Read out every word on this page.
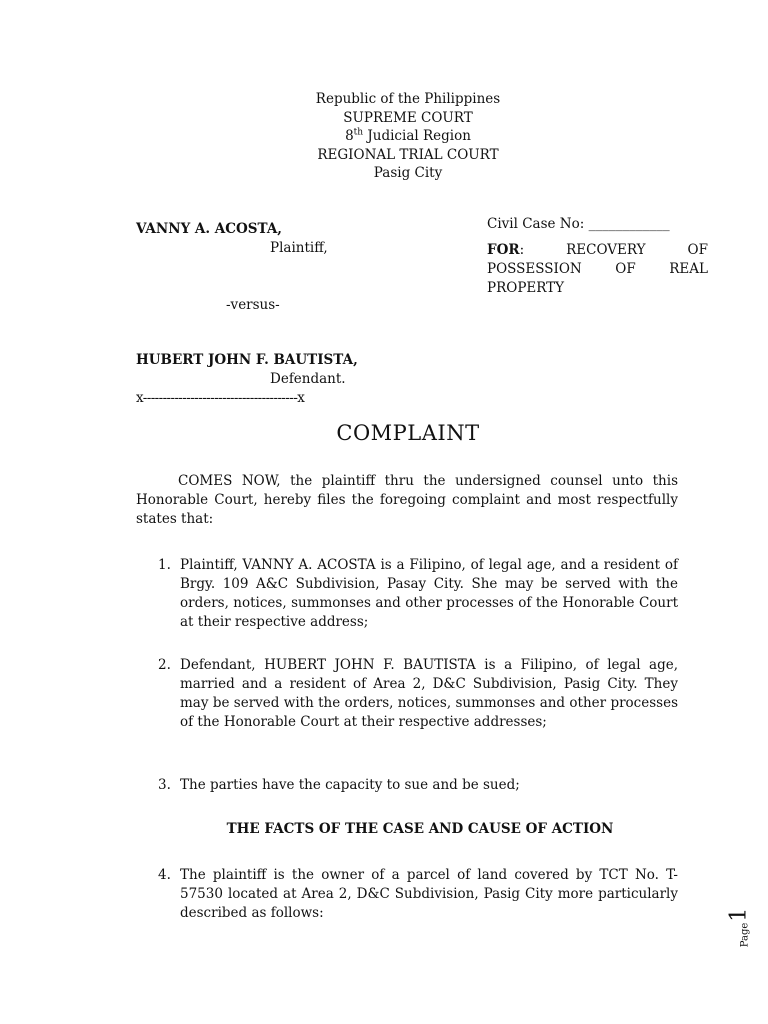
Republic of the Philippines
SUPREME COURT
8th Judicial Region
REGIONAL TRIAL COURT
Pasig City
VANNY A. ACOSTA,
Plaintiff,
-versus-
HUBERT JOHN F. BAUTISTA,
Defendant.
x---------------------------------------x
Civil Case No: ____________
FOR: RECOVERY OF
POSSESSION OF REAL
PROPERTY
COMPLAINT
COMES NOW, the plaintiff thru the undersigned counsel unto this Honorable Court, hereby files the foregoing complaint and most respectfully states that:
1. Plaintiff, VANNY A. ACOSTA is a Filipino, of legal age, and a resident of Brgy. 109 A&C Subdivision, Pasay City. She may be served with the orders, notices, summonses and other processes of the Honorable Court at their respective address;
2. Defendant, HUBERT JOHN F. BAUTISTA is a Filipino, of legal age, married and a resident of Area 2, D&C Subdivision, Pasig City. They may be served with the orders, notices, summonses and other processes of the Honorable Court at their respective addresses;
3. The parties have the capacity to sue and be sued;
THE FACTS OF THE CASE AND CAUSE OF ACTION
4. The plaintiff is the owner of a parcel of land covered by TCT No. T-57530 located at Area 2, D&C Subdivision, Pasig City more particularly described as follows:
Page
1
